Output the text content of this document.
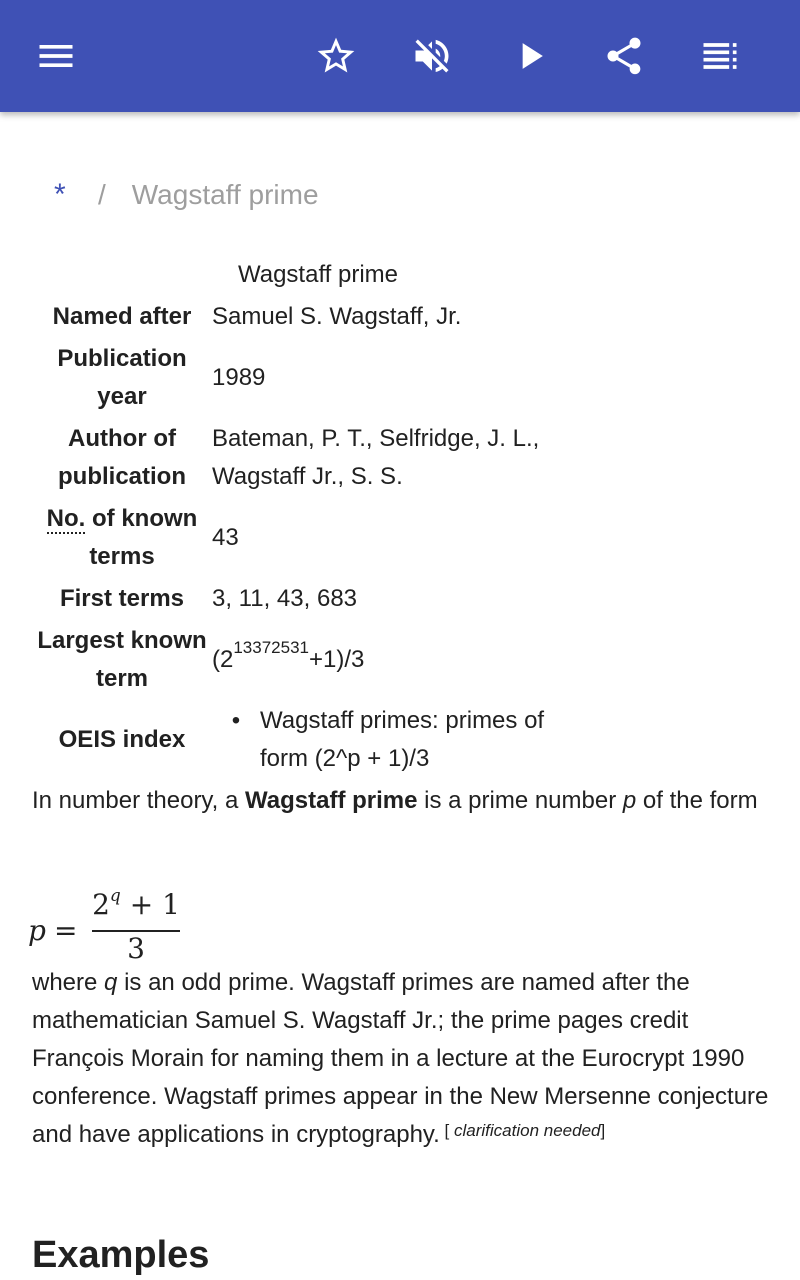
* / Wagstaff prime
Wagstaff prime
Named after Samuel S. Wagstaff, Jr.
Publication
year
1989
Author of
publication
Bateman, P. T., Selfridge, J. L.,
Wagstaff Jr., S. S.
No. of known
terms
43
First terms	3, 11, 43, 683
Largest known
term
$(2^{13372531}+1)/3$
OEIS index
• Wagstaff primes: primes of
form (2^p + 1)/3
In number theory, a Wagstaff prime is a prime number p of the form
p =
$2^q + 1$
3
where q is an odd prime. Wagstaff primes are named after the mathematician Samuel S. Wagstaff Jr.; the prime pages credit François Morain for naming them in a lecture at the Eurocrypt 1990 conference. Wagstaff primes appear in the New Mersenne conjecture and have applications in cryptography. [ clarification needed]
Examples
